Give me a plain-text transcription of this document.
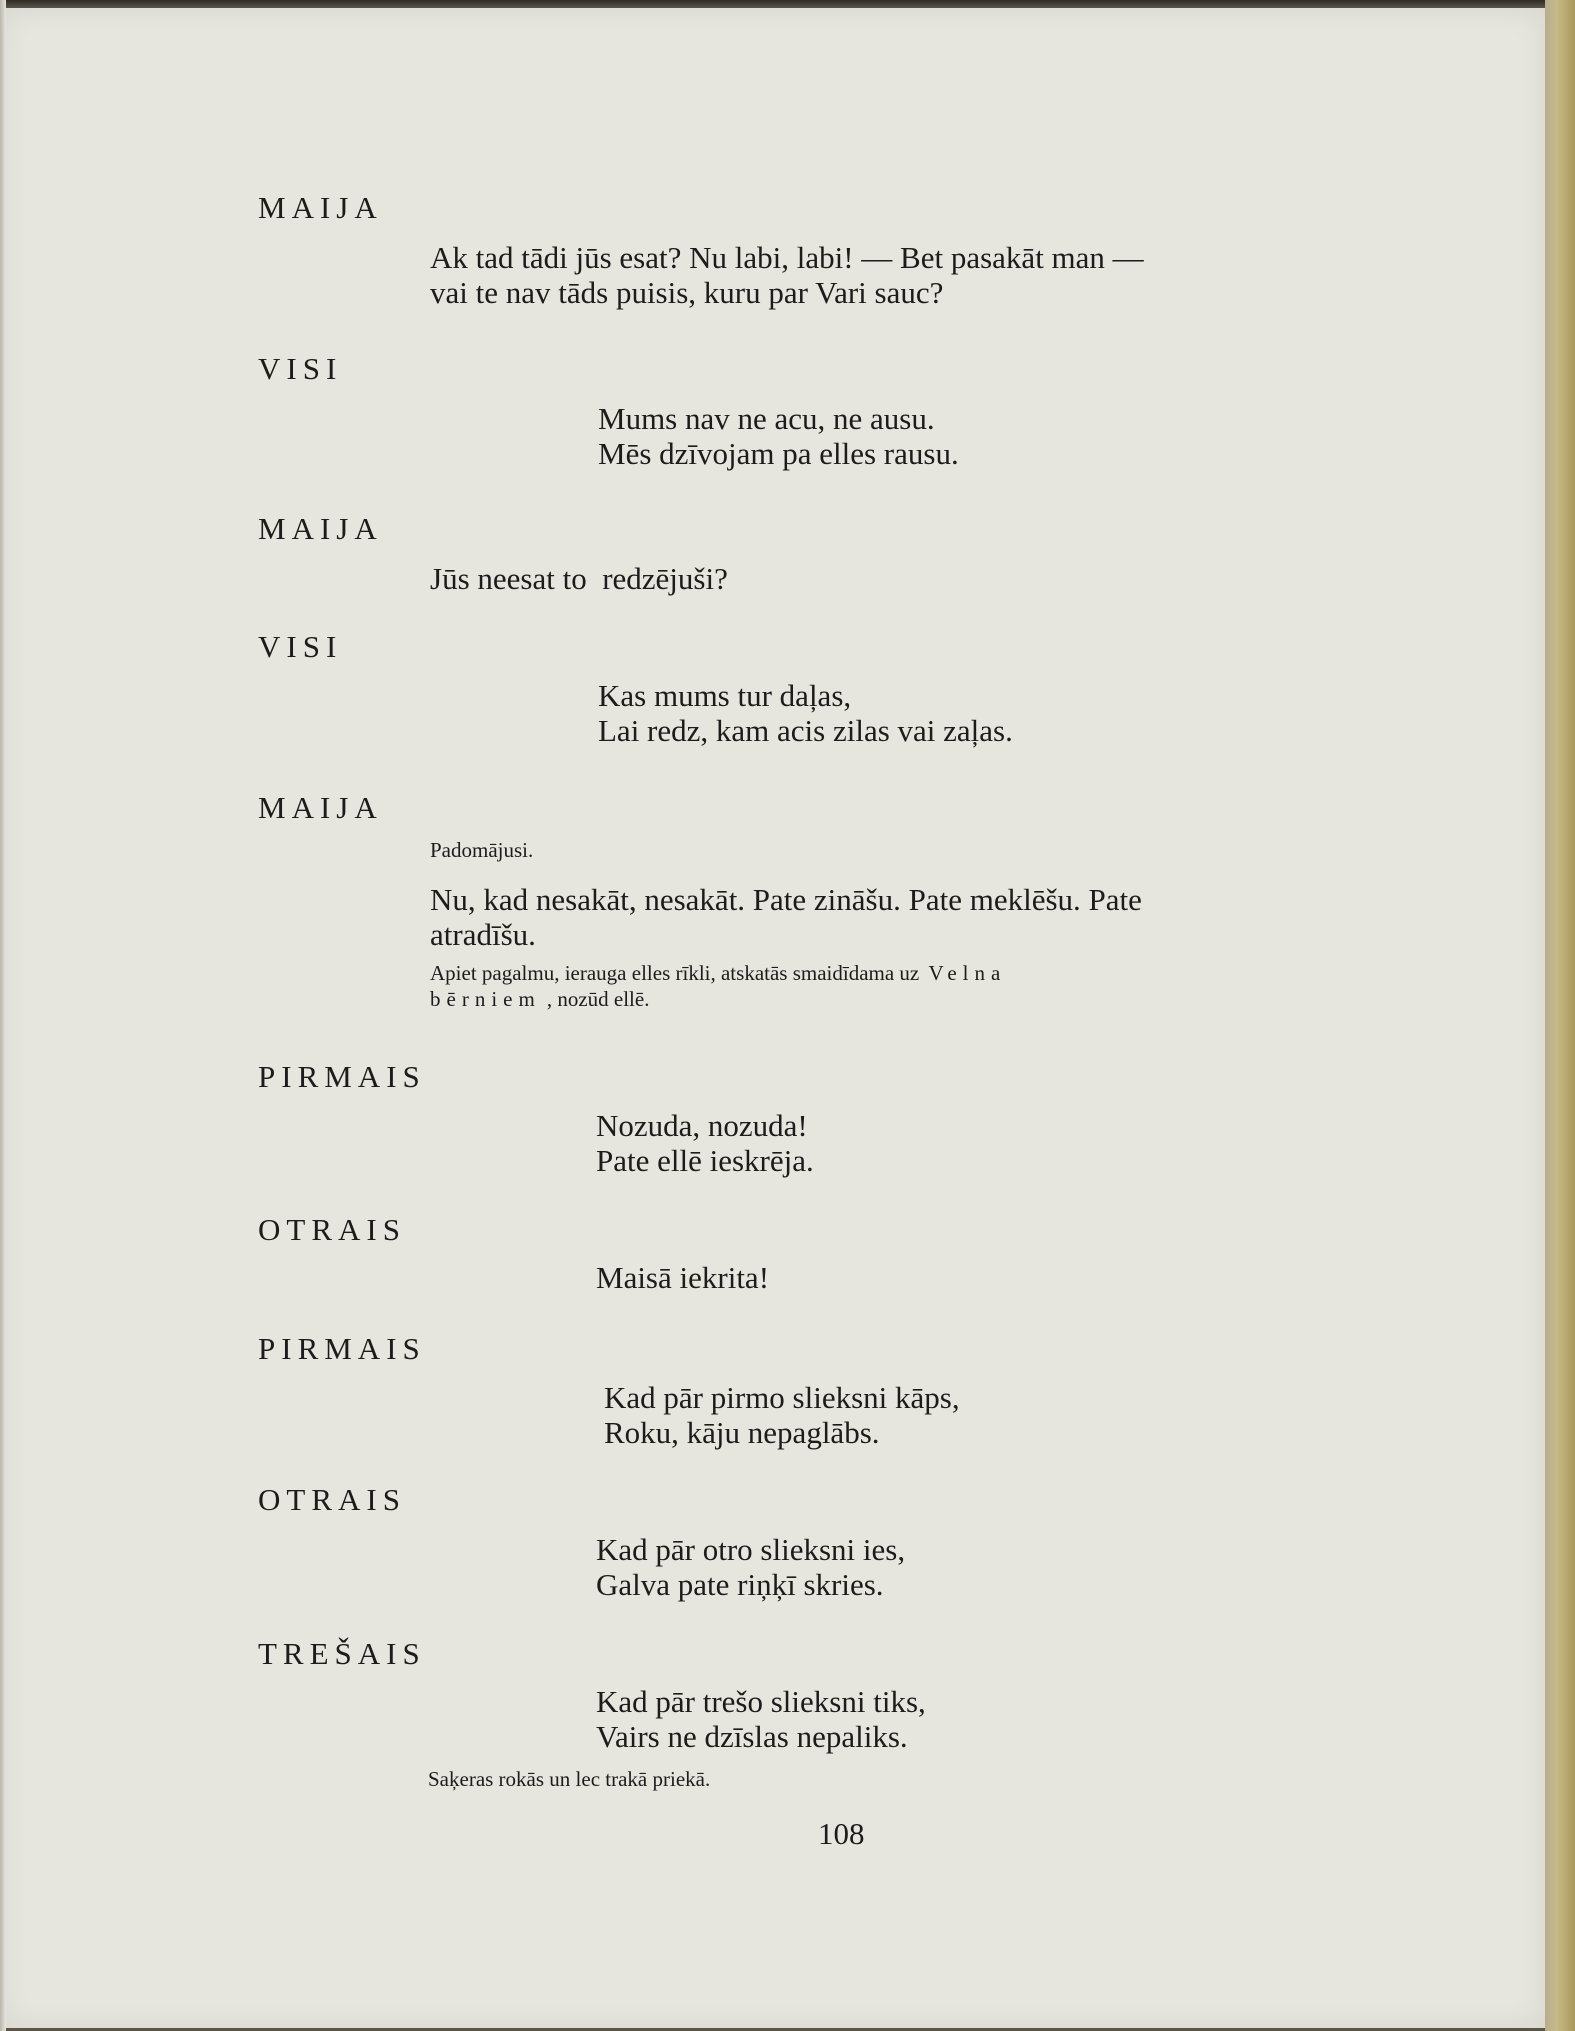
MAIJA
Ak tad tādi jūs esat? Nu labi, labi! — Bet pasakāt man —
vai te nav tāds puisis, kuru par Vari sauc?
VISI
Mums nav ne acu, ne ausu.
Mēs dzīvojam pa elles rausu.
MAIJA
Jūs neesat to  redzējuši?
VISI
Kas mums tur daļas,
Lai redz, kam acis zilas vai zaļas.
MAIJA
Padomājusi.
Nu, kad nesakāt, nesakāt. Pate zināšu. Pate meklēšu. Pate
atradīšu.
Apiet pagalmu, ierauga elles rīkli, atskatās smaidīdama uz Velna
bērniem , nozūd ellē.
PIRMAIS
Nozuda, nozuda!
Pate ellē ieskrēja.
OTRAIS
Maisā iekrita!
PIRMAIS
Kad pār pirmo slieksni kāps,
Roku, kāju nepaglābs.
OTRAIS
Kad pār otro slieksni ies,
Galva pate riņķī skries.
TREŠAIS
Kad pār trešo slieksni tiks,
Vairs ne dzīslas nepaliks.
Saķeras rokās un lec trakā priekā.
108
